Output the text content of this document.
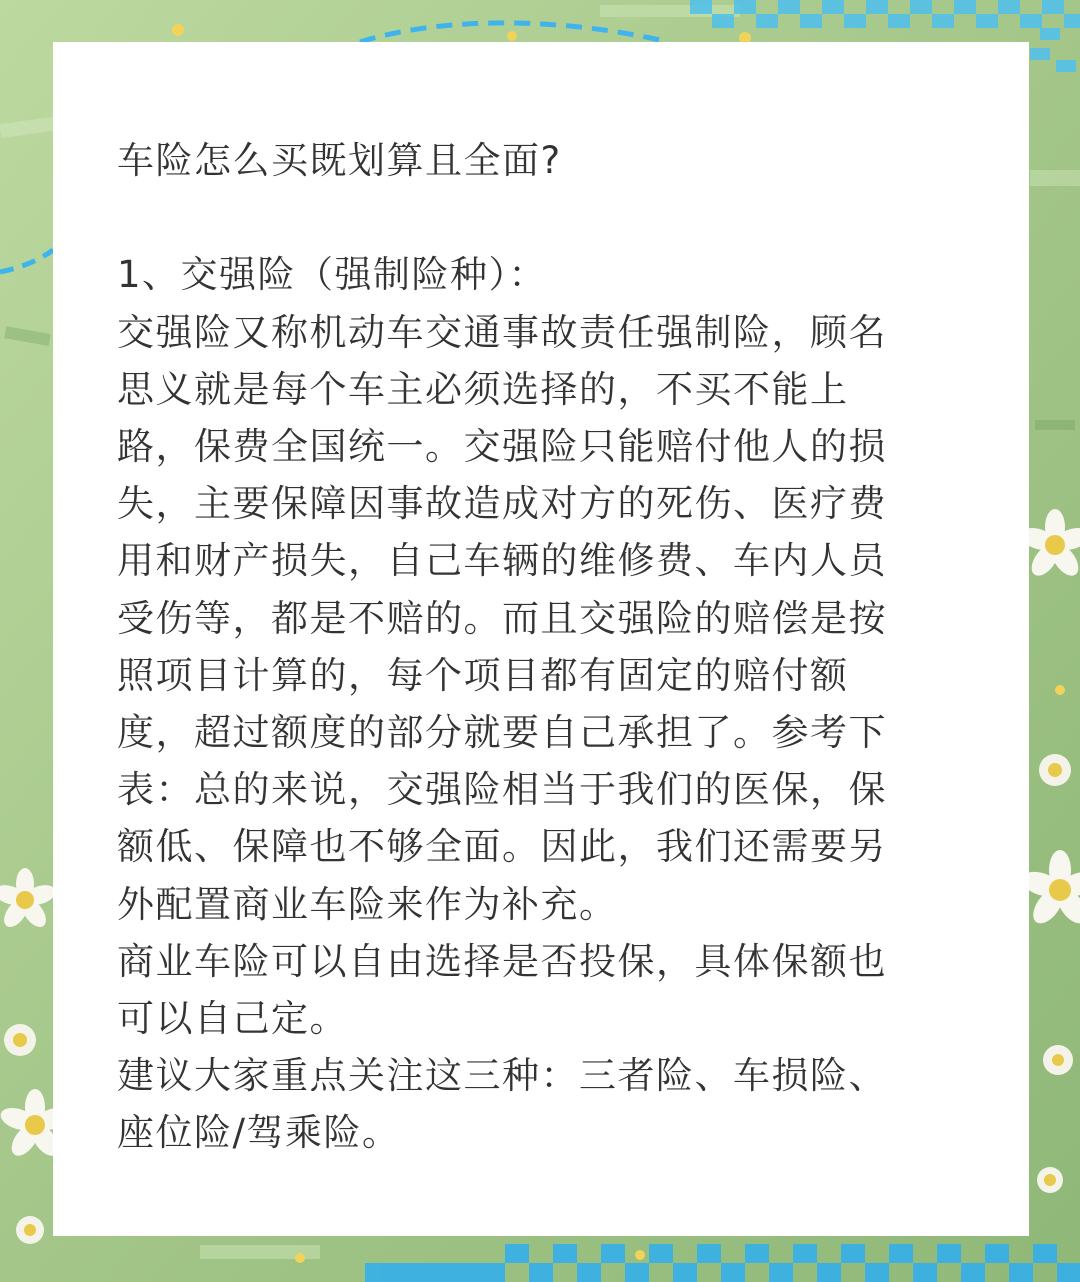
车险怎么买既划算且全面?
1、交强险（强制险种）：
交强险又称机动车交通事故责任强制险，顾名
思义就是每个车主必须选择的，不买不能上
路，保费全国统一。交强险只能赔付他人的损
失，主要保障因事故造成对方的死伤、医疗费
用和财产损失，自己车辆的维修费、车内人员
受伤等，都是不赔的。而且交强险的赔偿是按
照项目计算的，每个项目都有固定的赔付额
度，超过额度的部分就要自己承担了。参考下
表：总的来说，交强险相当于我们的医保，保
额低、保障也不够全面。因此，我们还需要另
外配置商业车险来作为补充。
商业车险可以自由选择是否投保，具体保额也
可以自己定。
建议大家重点关注这三种：三者险、车损险、
座位险/驾乘险。
